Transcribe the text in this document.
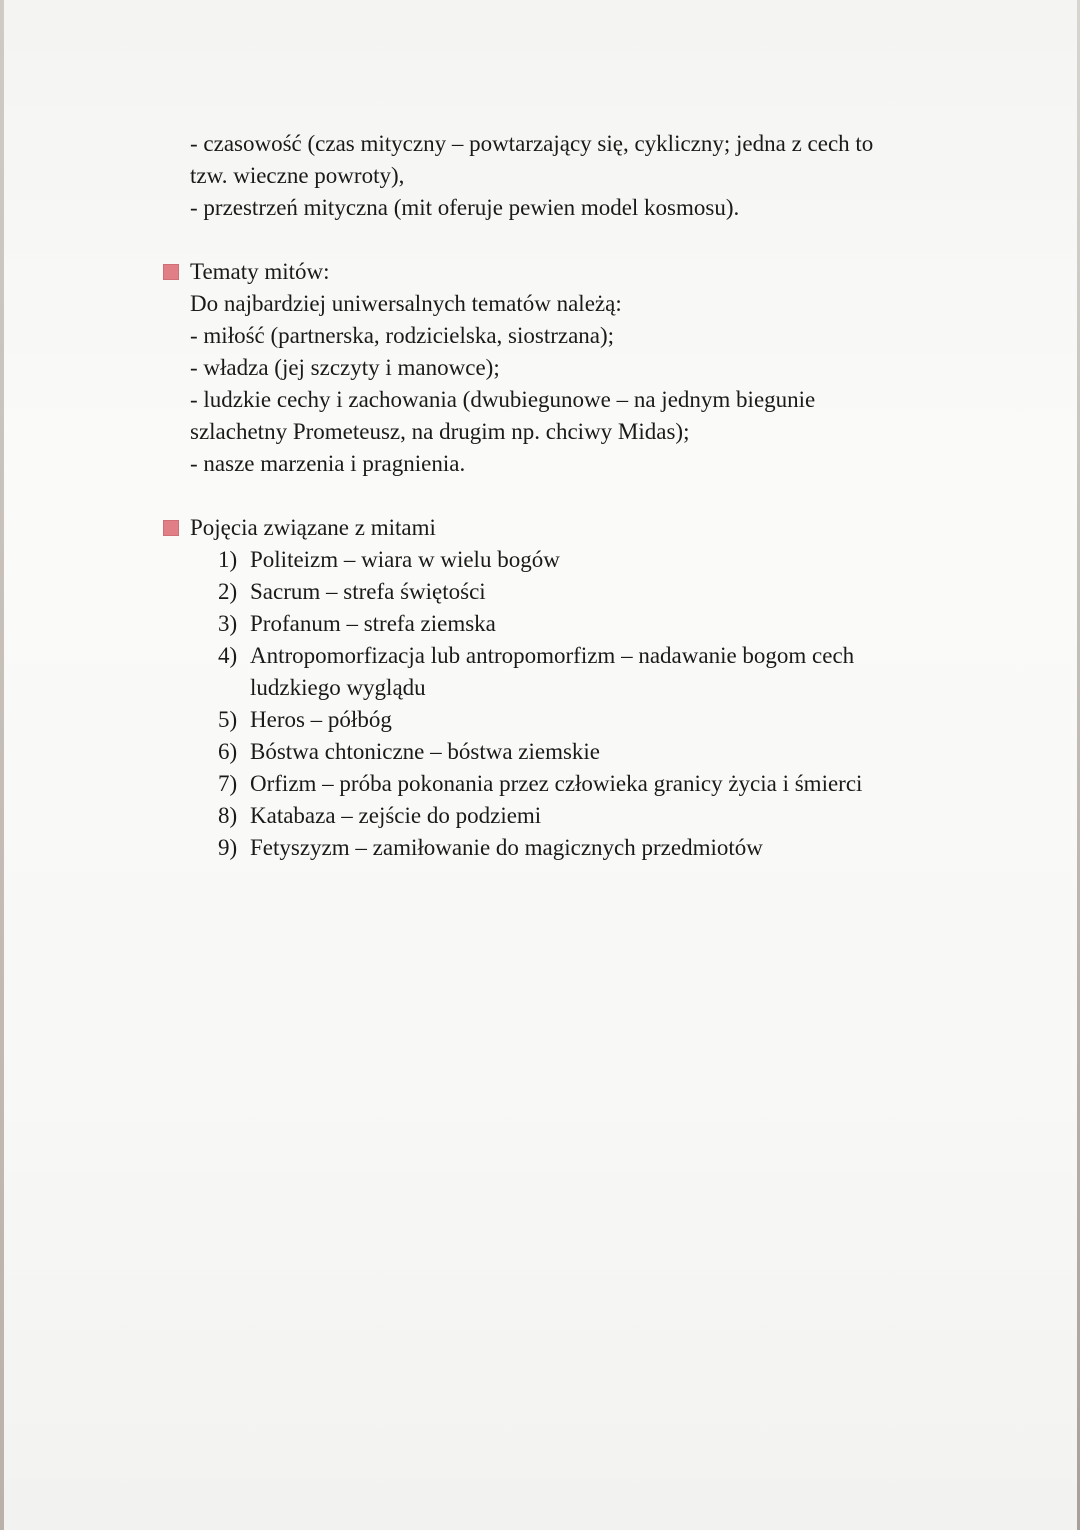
- czasowość (czas mityczny – powtarzający się, cykliczny; jedna z cech to
tzw. wieczne powroty),
- przestrzeń mityczna (mit oferuje pewien model kosmosu).
Tematy mitów:
Do najbardziej uniwersalnych tematów należą:
- miłość (partnerska, rodzicielska, siostrzana);
- władza (jej szczyty i manowce);
- ludzkie cechy i zachowania (dwubiegunowe – na jednym biegunie
szlachetny Prometeusz, na drugim np. chciwy Midas);
- nasze marzenia i pragnienia.
Pojęcia związane z mitami
1) Politeizm – wiara w wielu bogów
2) Sacrum – strefa świętości
3) Profanum – strefa ziemska
4) Antropomorfizacja lub antropomorfizm – nadawanie bogom cech ludzkiego wyglądu
5) Heros – półbóg
6) Bóstwa chtoniczne – bóstwa ziemskie
7) Orfizm – próba pokonania przez człowieka granicy życia i śmierci
8) Katabaza – zejście do podziemi
9) Fetyszyzm – zamiłowanie do magicznych przedmiotów
